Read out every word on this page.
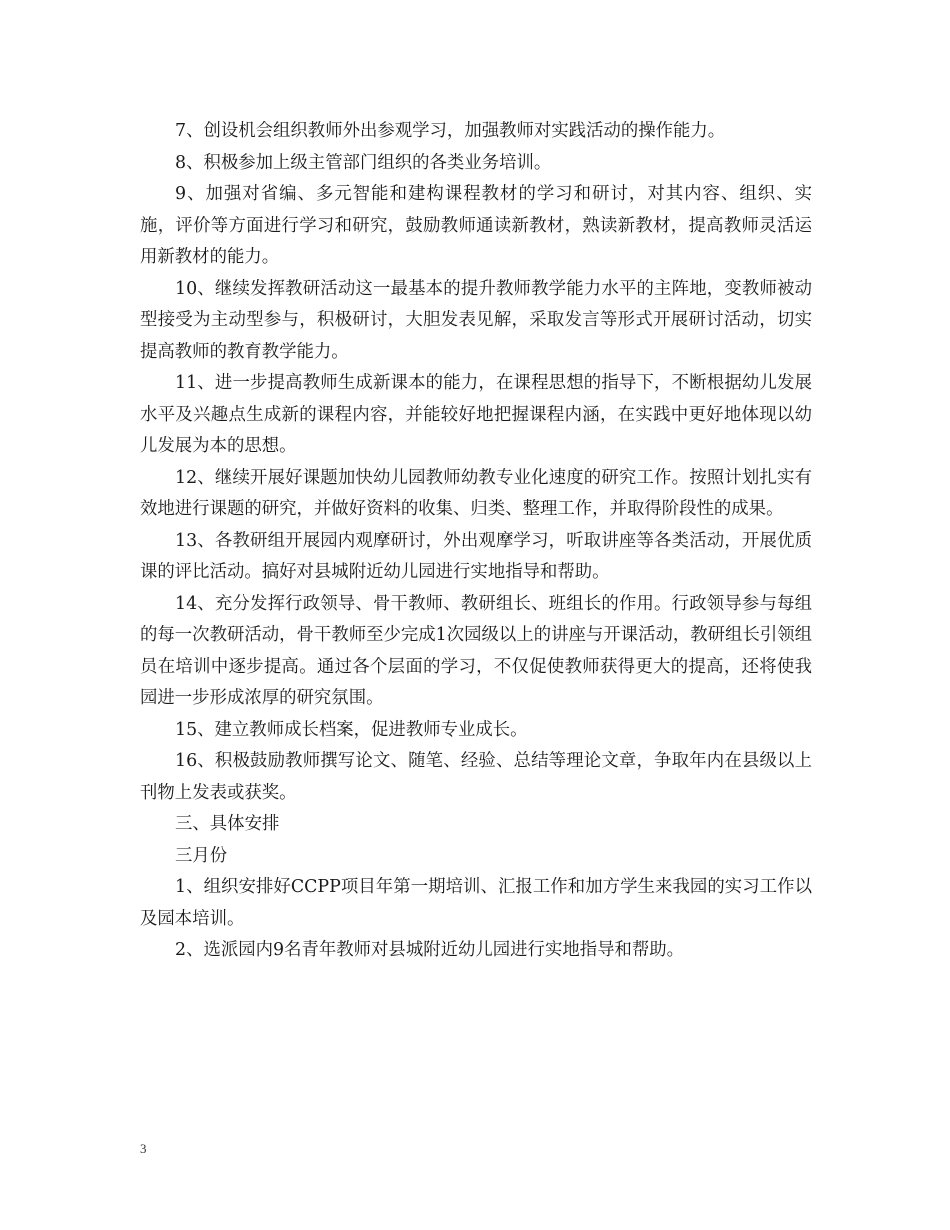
7、创设机会组织教师外出参观学习，加强教师对实践活动的操作能力。

8、积极参加上级主管部门组织的各类业务培训。

9、加强对省编、多元智能和建构课程教材的学习和研讨，对其内容、组织、实施，评价等方面进行学习和研究，鼓励教师通读新教材，熟读新教材，提高教师灵活运用新教材的能力。

10、继续发挥教研活动这一最基本的提升教师教学能力水平的主阵地，变教师被动型接受为主动型参与，积极研讨，大胆发表见解，采取发言等形式开展研讨活动，切实提高教师的教育教学能力。

11、进一步提高教师生成新课本的能力，在课程思想的指导下，不断根据幼儿发展水平及兴趣点生成新的课程内容，并能较好地把握课程内涵，在实践中更好地体现以幼儿发展为本的思想。

12、继续开展好课题加快幼儿园教师幼教专业化速度的研究工作。按照计划扎实有效地进行课题的研究，并做好资料的收集、归类、整理工作，并取得阶段性的成果。

13、各教研组开展园内观摩研讨，外出观摩学习，听取讲座等各类活动，开展优质课的评比活动。搞好对县城附近幼儿园进行实地指导和帮助。

14、充分发挥行政领导、骨干教师、教研组长、班组长的作用。行政领导参与每组的每一次教研活动，骨干教师至少完成1次园级以上的讲座与开课活动，教研组长引领组员在培训中逐步提高。通过各个层面的学习，不仅促使教师获得更大的提高，还将使我园进一步形成浓厚的研究氛围。

15、建立教师成长档案，促进教师专业成长。

16、积极鼓励教师撰写论文、随笔、经验、总结等理论文章，争取年内在县级以上刊物上发表或获奖。

三、具体安排

三月份

1、组织安排好CCPP项目年第一期培训、汇报工作和加方学生来我园的实习工作以及园本培训。

2、选派园内9名青年教师对县城附近幼儿园进行实地指导和帮助。

3
